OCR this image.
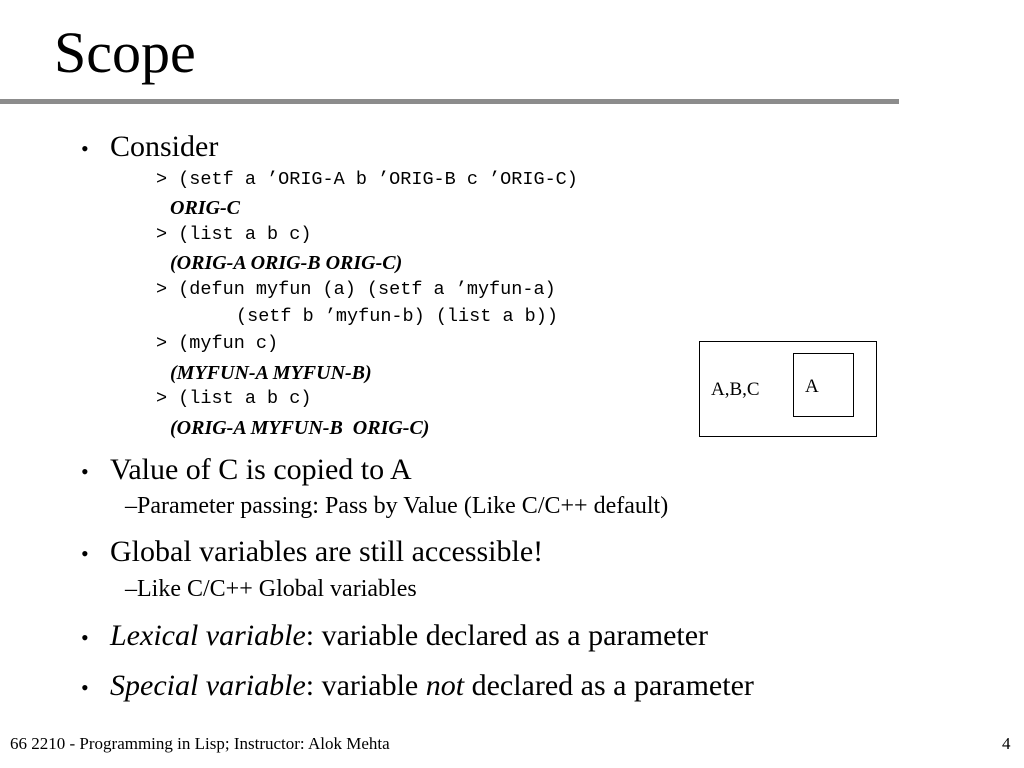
Scope
• Consider
> (setf a ’ORIG-A b ’ORIG-B c ’ORIG-C)
ORIG-C
> (list a b c)
(ORIG-A ORIG-B ORIG-C)
> (defun myfun (a) (setf a ’myfun-a)
(setf b ’myfun-b) (list a b))
> (myfun c)
(MYFUN-A MYFUN-B)
> (list a b c)
(ORIG-A MYFUN-B  ORIG-C)
A,B,C A
• Value of C is copied to A
–Parameter passing: Pass by Value (Like C/C++ default)
• Global variables are still accessible!
–Like C/C++ Global variables
• Lexical variable: variable declared as a parameter
• Special variable: variable not declared as a parameter
66 2210 - Programming in Lisp; Instructor: Alok Mehta	4
